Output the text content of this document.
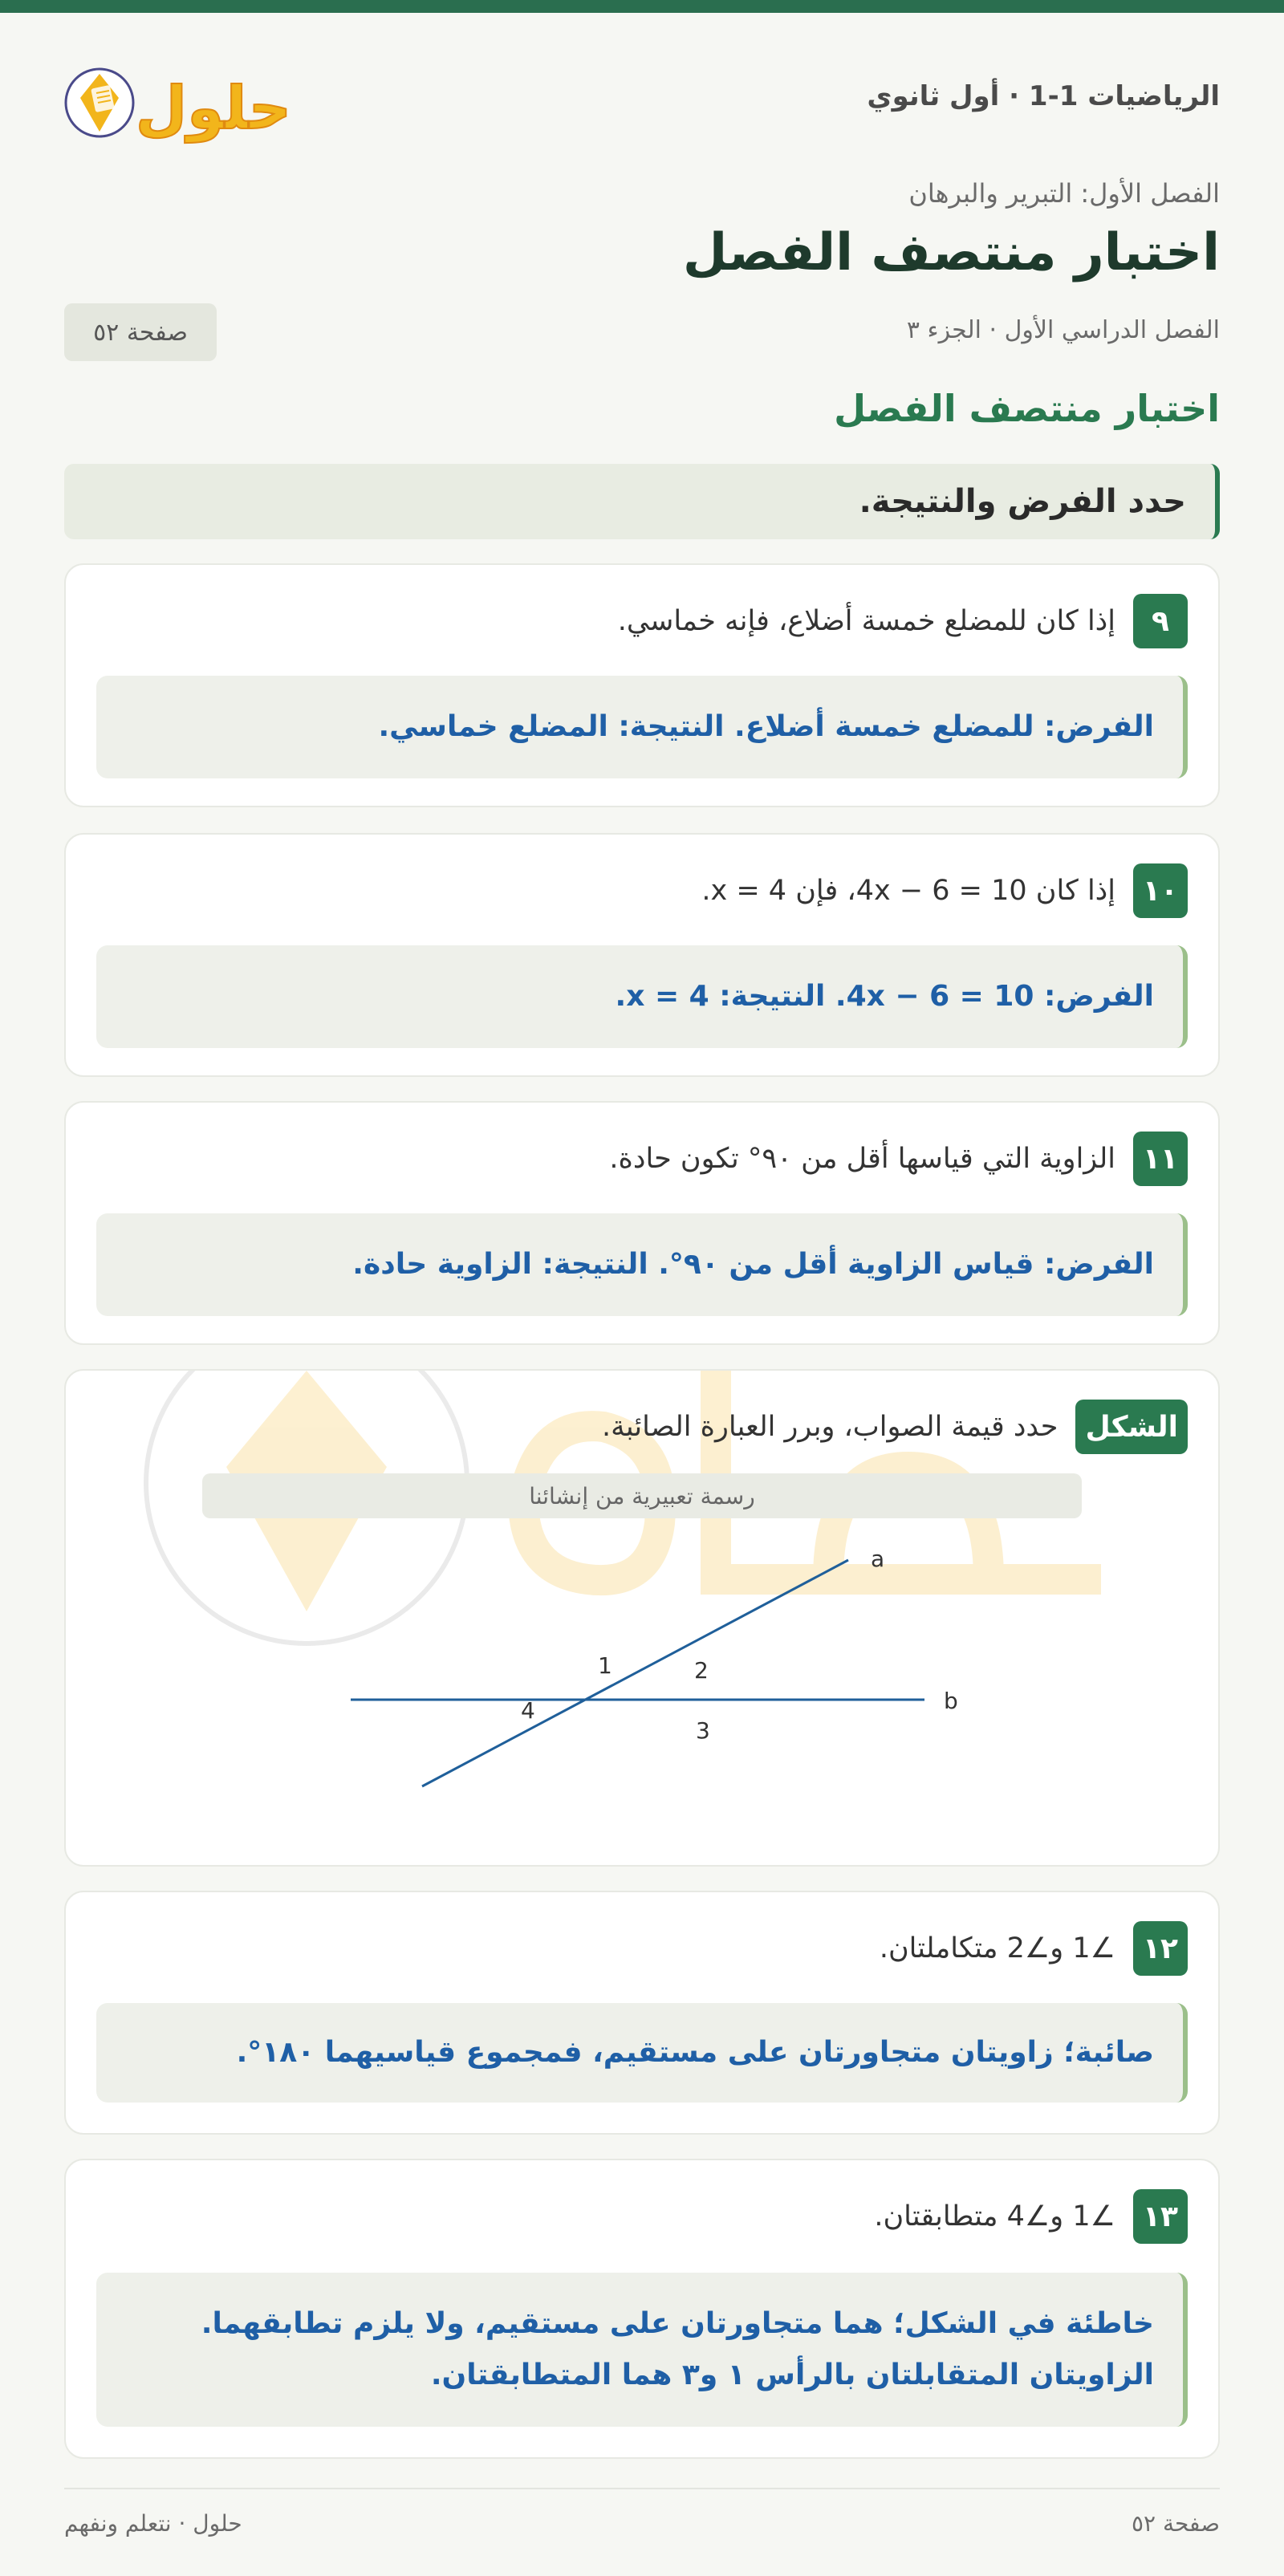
الرياضيات 1-1 · أول ثانوي
حلول
الفصل الأول: التبرير والبرهان
اختبار منتصف الفصل
الفصل الدراسي الأول · الجزء ٣
صفحة ٥٢
اختبار منتصف الفصل
حدد الفرض والنتيجة.
٩
إذا كان للمضلع خمسة أضلاع، فإنه خماسي.
الفرض: للمضلع خمسة أضلاع. النتيجة: المضلع خماسي.
١٠
إذا كان 4x − 6 = 10، فإن x = 4.
الفرض: 4x − 6 = 10. النتيجة: x = 4.
١١
الزاوية التي قياسها أقل من ٩٠° تكون حادة.
الفرض: قياس الزاوية أقل من ٩٠°. النتيجة: الزاوية حادة.
الشكل
حدد قيمة الصواب، وبرر العبارة الصائبة.
رسمة تعبيرية من إنشائنا
a
b
1	2
3
4
١٢
∠1 و∠2 متكاملتان.
صائبة؛ زاويتان متجاورتان على مستقيم، فمجموع قياسيهما ١٨٠°.
١٣
∠1 و∠4 متطابقتان.
خاطئة في الشكل؛ هما متجاورتان على مستقيم، ولا يلزم تطابقهما.
الزاويتان المتقابلتان بالرأس ١ و٣ هما المتطابقتان.
صفحة ٥٢
حلول · نتعلم ونفهم
